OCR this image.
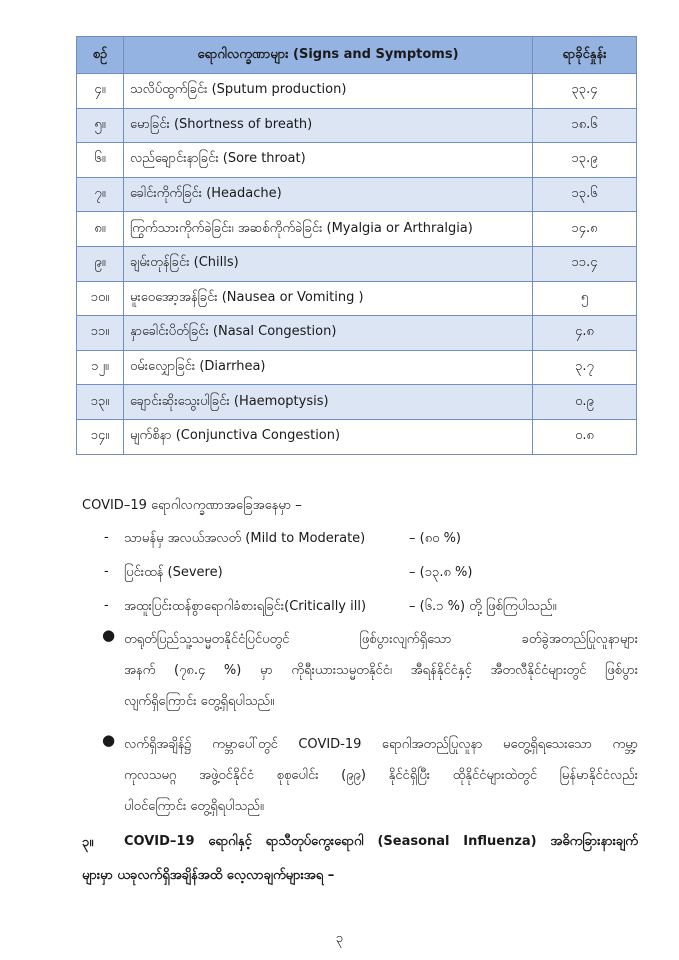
စဉ်	ရောဂါလက္ခဏာများ (Signs and Symptoms)	ရာခိုင်နှုန်း
၄။	သလိပ်ထွက်ခြင်း (Sputum production)	၃၃.၄
၅။	မောခြင်း (Shortness of breath)	၁၈.၆
၆။	လည်ချောင်းနာခြင်း (Sore throat)	၁၃.၉
၇။	ခေါင်းကိုက်ခြင်း (Headache)	၁၃.၆
၈။	ကြွက်သားကိုက်ခဲခြင်း၊ အဆစ်ကိုက်ခဲခြင်း (Myalgia or Arthralgia)	၁၄.၈
၉။	ချမ်းတုန်ခြင်း (Chills)	၁၁.၄
၁၀။	မူးဝေအော့အန်ခြင်း (Nausea or Vomiting )	၅
၁၁။	နှာခေါင်းပိတ်ခြင်း (Nasal Congestion)	၄.၈
၁၂။	ဝမ်းလျှောခြင်း (Diarrhea)	၃.၇
၁၃။	ချောင်းဆိုးသွေးပါခြင်း (Haemoptysis)	၀.၉
၁၄။	မျက်စိနာ (Conjunctiva Congestion)	၀.၈
COVID–19 ရောဂါလက္ခဏာအခြေအနေမှာ –
- သာမန်မှ အလယ်အလတ် (Mild to Moderate)	– (၈၀ %)
- ပြင်းထန် (Severe)	– (၁၃.၈ %)
- အထူးပြင်းထန်စွာရောဂါခံစားရခြင်း(Critically ill)	– (၆.၁ %) တို့ ဖြစ်ကြပါသည်။
● တရုတ်ပြည်သူ့သမ္မတနိုင်ငံပြင်ပတွင် ဖြစ်ပွားလျက်ရှိသော ခတ်ခွဲအတည်ပြုလူနာများ
အနက် (၇၈.၄ %) မှာ ကိုရီးယားသမ္မတနိုင်ငံ၊ အီရန်နိုင်ငံနှင့် အီတလီနိုင်ငံများတွင် ဖြစ်ပွား
လျက်ရှိကြောင်း တွေ့ရှိရပါသည်။
● လက်ရှိအချိန်၌ ကမ္ဘာပေါ်တွင် COVID-19 ရောဂါအတည်ပြုလူနာ မတွေ့ရှိရသေးသော ကမ္ဘာ့
ကုလသမဂ္ဂ အဖွဲ့ဝင်နိုင်ငံ စုစုပေါင်း (၉၉) နိုင်ငံရှိပြီး ထိုနိုင်ငံများထဲတွင် မြန်မာနိုင်ငံလည်း
ပါဝင်ကြောင်း တွေ့ရှိရပါသည်။
၃။ COVID–19 ရောဂါနှင့် ရာသီတုပ်ကွေးရောဂါ (Seasonal Influenza) အဓိကခြားနားချက်
များမှာ ယခုလက်ရှိအချိန်အထိ လေ့လာချက်များအရ –
၃
